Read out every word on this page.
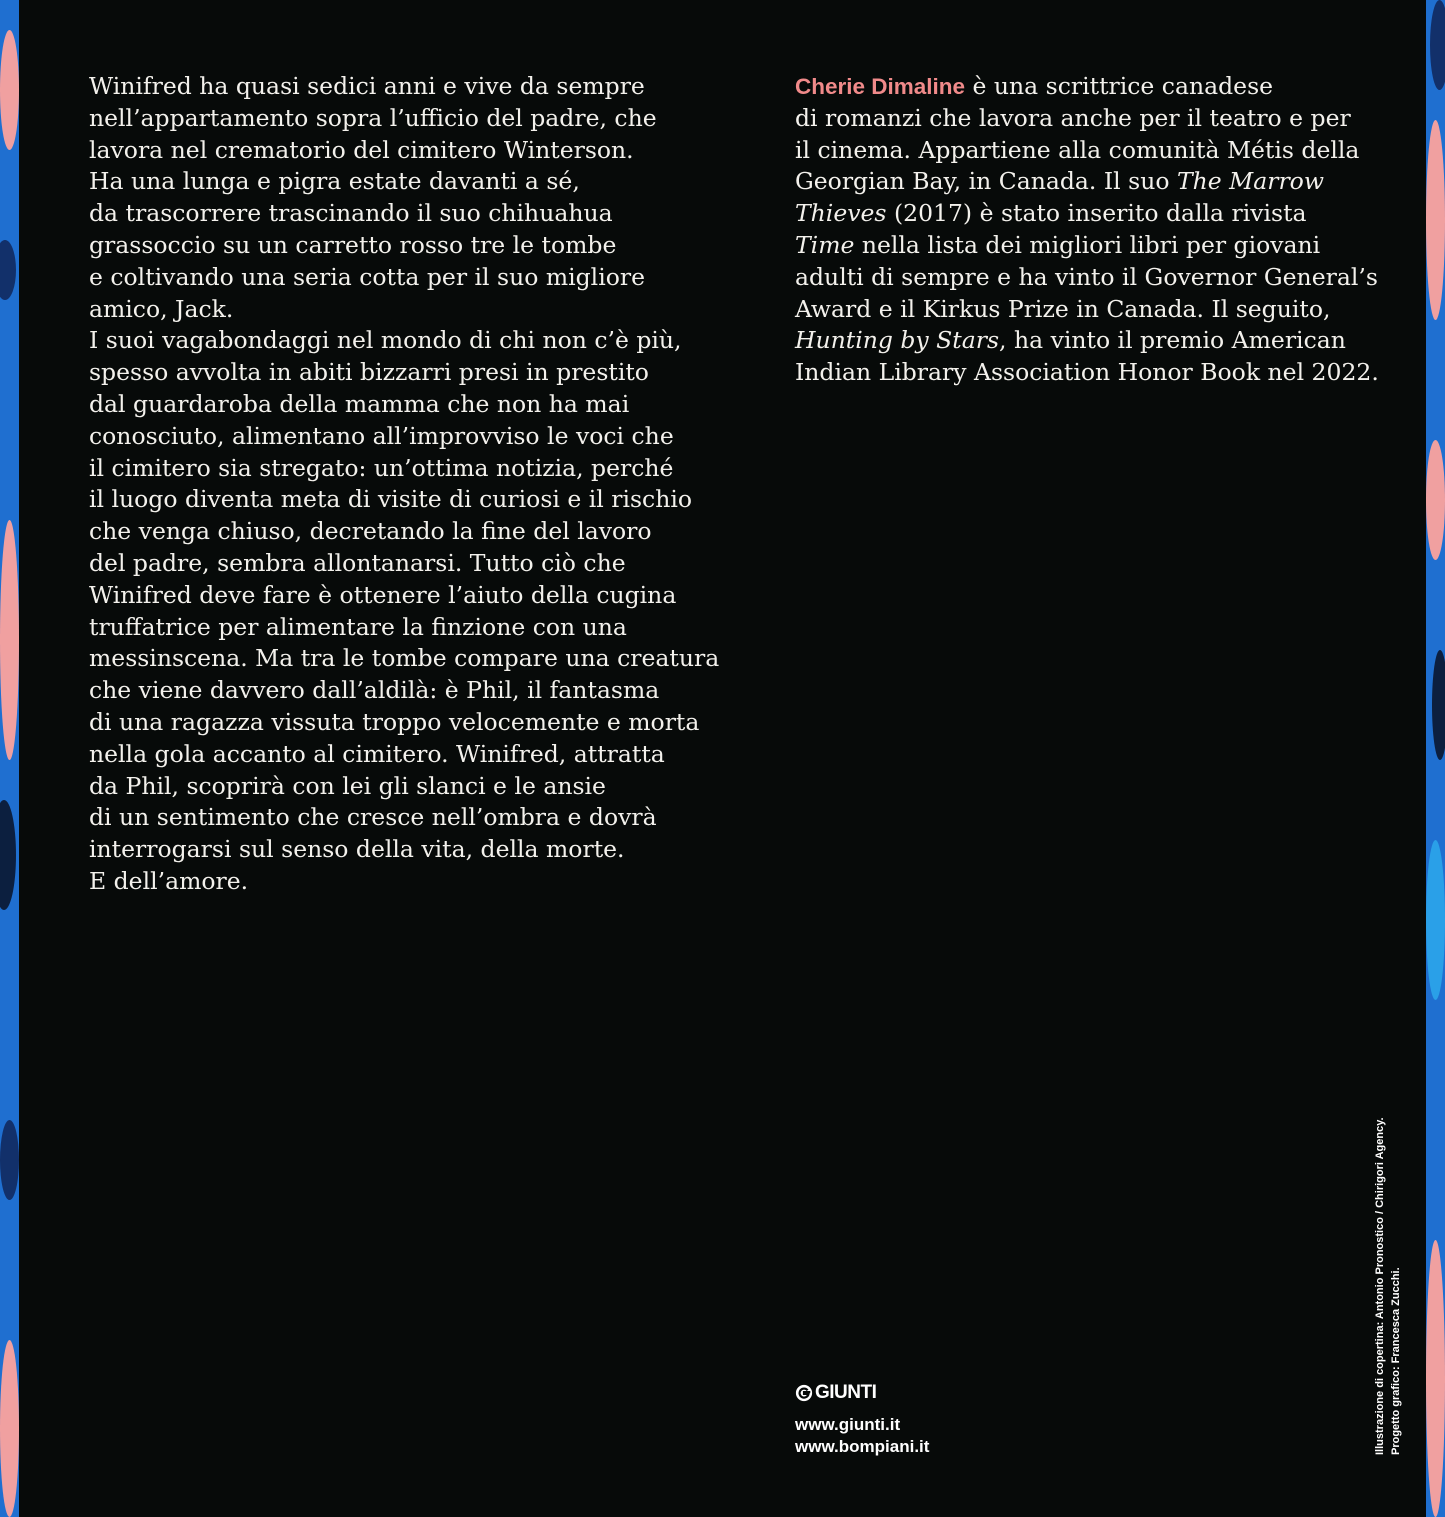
Winifred ha quasi sedici anni e vive da sempre
nell’appartamento sopra l’ufficio del padre, che
lavora nel crematorio del cimitero Winterson.
Ha una lunga e pigra estate davanti a sé,
da trascorrere trascinando il suo chihuahua
grassoccio su un carretto rosso tre le tombe
e coltivando una seria cotta per il suo migliore
amico, Jack.
I suoi vagabondaggi nel mondo di chi non c’è più,
spesso avvolta in abiti bizzarri presi in prestito
dal guardaroba della mamma che non ha mai
conosciuto, alimentano all’improvviso le voci che
il cimitero sia stregato: un’ottima notizia, perché
il luogo diventa meta di visite di curiosi e il rischio
che venga chiuso, decretando la fine del lavoro
del padre, sembra allontanarsi. Tutto ciò che
Winifred deve fare è ottenere l’aiuto della cugina
truffatrice per alimentare la finzione con una
messinscena. Ma tra le tombe compare una creatura
che viene davvero dall’aldilà: è Phil, il fantasma
di una ragazza vissuta troppo velocemente e morta
nella gola accanto al cimitero. Winifred, attratta
da Phil, scoprirà con lei gli slanci e le ansie
di un sentimento che cresce nell’ombra e dovrà
interrogarsi sul senso della vita, della morte.
E dell’amore.
Cherie Dimaline è una scrittrice canadese
di romanzi che lavora anche per il teatro e per
il cinema. Appartiene alla comunità Métis della
Georgian Bay, in Canada. Il suo The Marrow
Thieves (2017) è stato inserito dalla rivista
Time nella lista dei migliori libri per giovani
adulti di sempre e ha vinto il Governor General’s
Award e il Kirkus Prize in Canada. Il seguito,
Hunting by Stars, ha vinto il premio American
Indian Library Association Honor Book nel 2022.
GIUNTI
www.giunti.it
www.bompiani.it	Illustrazione di copertina: Antonio Pronostico / Chirigori Agency. Progetto grafico: Francesca Zucchi.
